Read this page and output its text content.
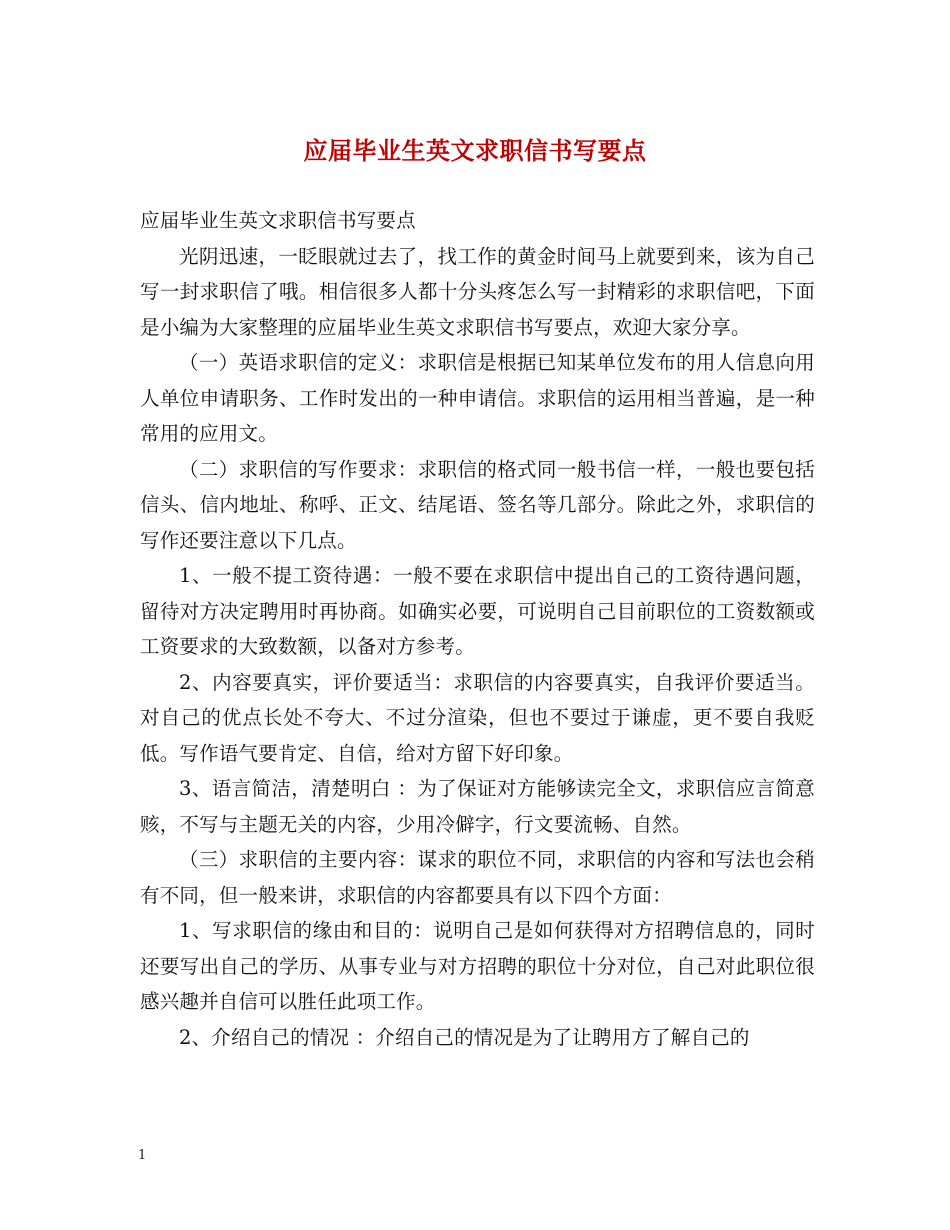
应届毕业生英文求职信书写要点

应届毕业生英文求职信书写要点

光阴迅速，一眨眼就过去了，找工作的黄金时间马上就要到来，该为自己写一封求职信了哦。相信很多人都十分头疼怎么写一封精彩的求职信吧，下面是小编为大家整理的应届毕业生英文求职信书写要点，欢迎大家分享。

（一）英语求职信的定义：求职信是根据已知某单位发布的用人信息向用人单位申请职务、工作时发出的一种申请信。求职信的运用相当普遍，是一种常用的应用文。

（二）求职信的写作要求：求职信的格式同一般书信一样，一般也要包括信头、信内地址、称呼、正文、结尾语、签名等几部分。除此之外，求职信的写作还要注意以下几点。

1、一般不提工资待遇：一般不要在求职信中提出自己的工资待遇问题，留待对方决定聘用时再协商。如确实必要，可说明自己目前职位的工资数额或工资要求的大致数额，以备对方参考。

2、内容要真实，评价要适当：求职信的内容要真实，自我评价要适当。对自己的优点长处不夸大、不过分渲染，但也不要过于谦虚，更不要自我贬低。写作语气要肯定、自信，给对方留下好印象。

3、语言简洁，清楚明白 ：为了保证对方能够读完全文，求职信应言简意赅，不写与主题无关的内容，少用冷僻字，行文要流畅、自然。

（三）求职信的主要内容：谋求的职位不同，求职信的内容和写法也会稍有不同，但一般来讲，求职信的内容都要具有以下四个方面：

1、写求职信的缘由和目的：说明自己是如何获得对方招聘信息的，同时还要写出自己的学历、从事专业与对方招聘的职位十分对位，自己对此职位很感兴趣并自信可以胜任此项工作。

2、介绍自己的情况 ：介绍自己的情况是为了让聘用方了解自己的

1
